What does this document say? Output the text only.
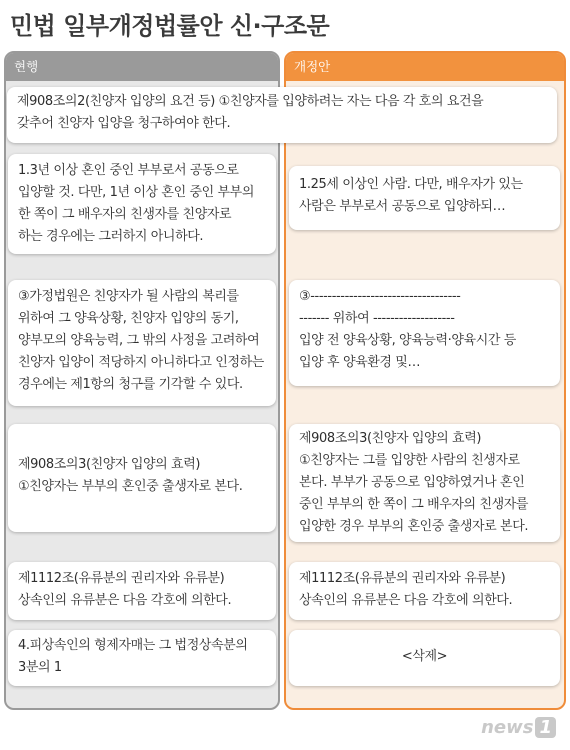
민법 일부개정법률안 신·구조문
현행	개정안
제908조의2(친양자 입양의 요건 등) ①친양자를 입양하려는 자는 다음 각 호의 요건을
갖추어 친양자 입양을 청구하여야 한다.
1.3년 이상 혼인 중인 부부로서 공동으로
입양할 것. 다만, 1년 이상 혼인 중인 부부의
한 쪽이 그 배우자의 친생자를 친양자로
하는 경우에는 그러하지 아니하다.
1.25세 이상인 사람. 다만, 배우자가 있는
사람은 부부로서 공동으로 입양하되…
③가정법원은 친양자가 될 사람의 복리를
위하여 그 양육상황, 친양자 입양의 동기,
양부모의 양육능력, 그 밖의 사정을 고려하여
친양자 입양이 적당하지 아니하다고 인정하는
경우에는 제1항의 청구를 기각할 수 있다.
③-----------------------------------
------- 위하여 -------------------
입양 전 양육상황, 양육능력·양육시간 등
입양 후 양육환경 및…
제908조의3(친양자 입양의 효력)
①친양자는 부부의 혼인중 출생자로 본다.
제908조의3(친양자 입양의 효력)
①친양자는 그를 입양한 사람의 친생자로
본다. 부부가 공동으로 입양하였거나 혼인
중인 부부의 한 쪽이 그 배우자의 친생자를
입양한 경우 부부의 혼인중 출생자로 본다.
제1112조(유류분의 권리자와 유류분)
상속인의 유류분은 다음 각호에 의한다.
제1112조(유류분의 권리자와 유류분)
상속인의 유류분은 다음 각호에 의한다.
4.피상속인의 형제자매는 그 법정상속분의
3분의 1
<삭제>
news 1
